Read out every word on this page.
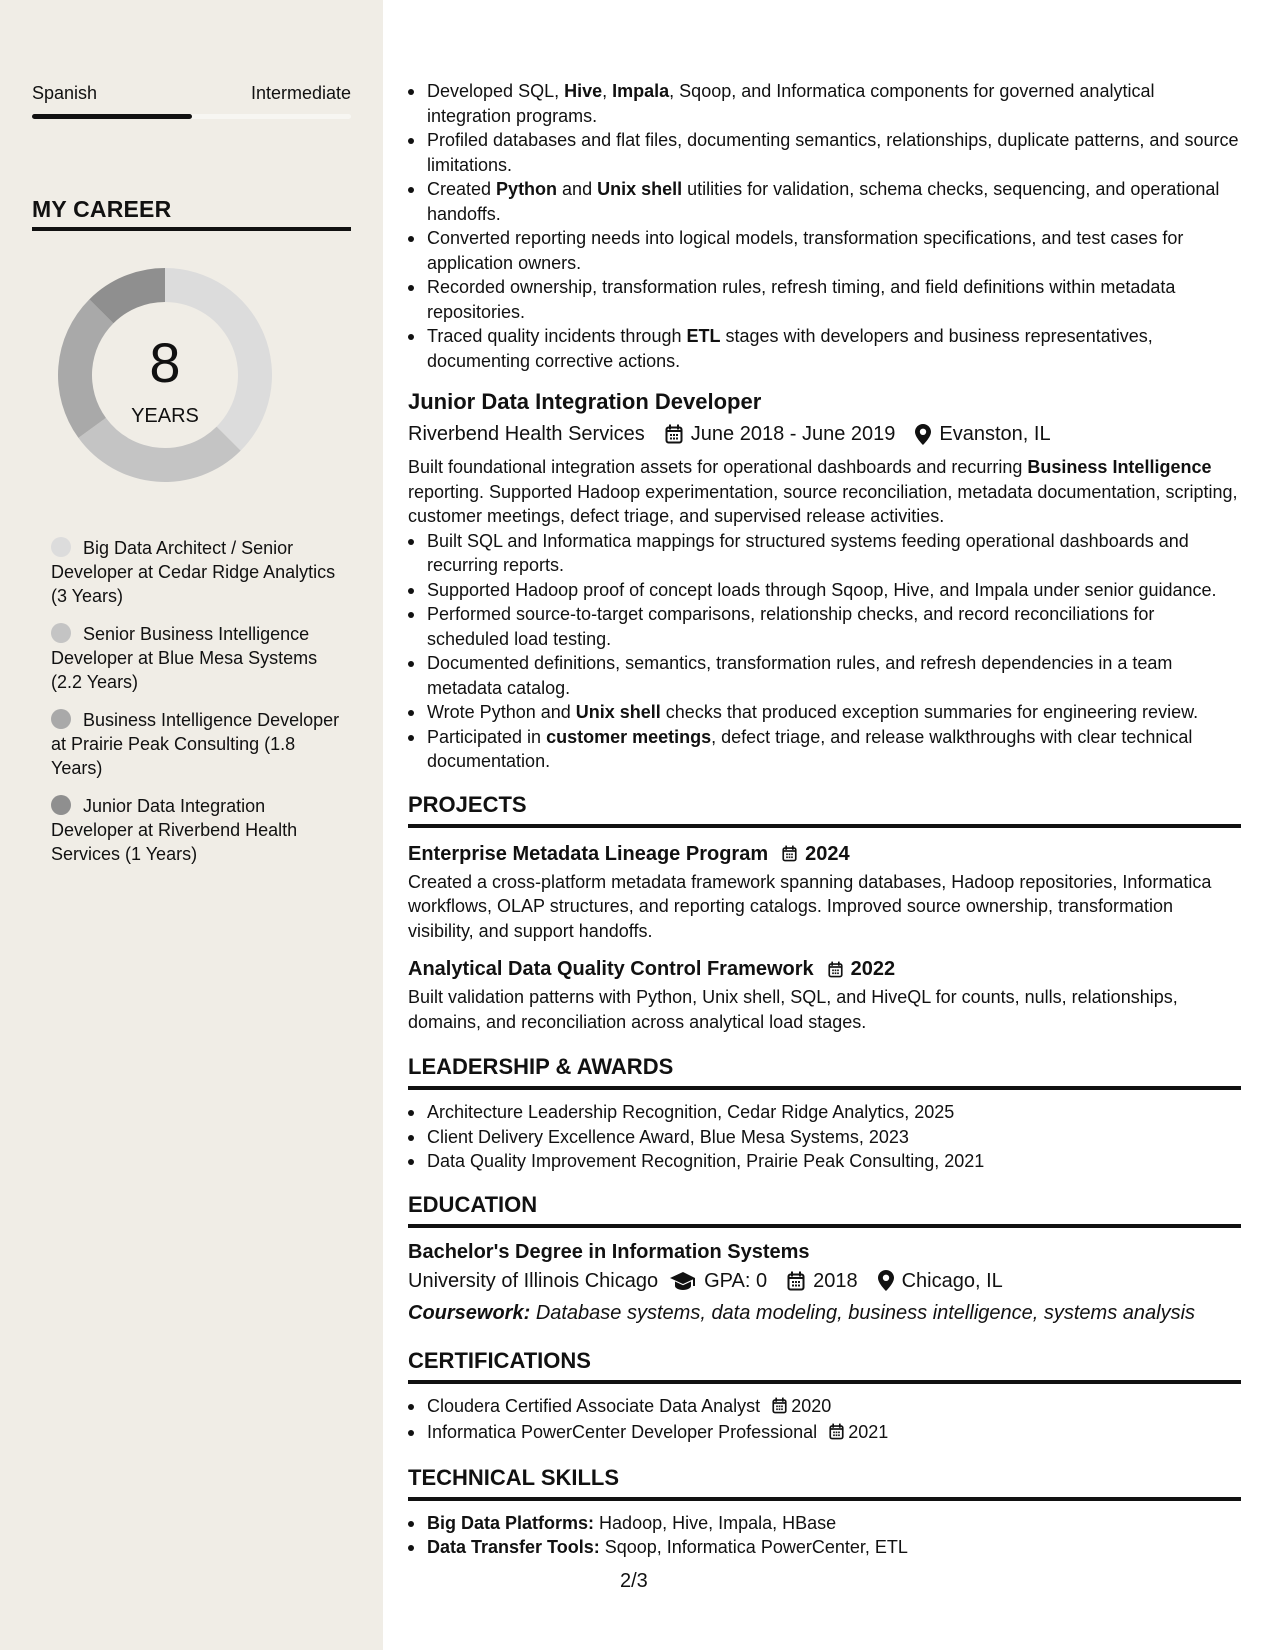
Spanish	Intermediate
MY CAREER
8
YEARS
Big Data Architect / Senior Developer at Cedar Ridge Analytics (3 Years)
Senior Business Intelligence Developer at Blue Mesa Systems (2.2 Years)
Business Intelligence Developer at Prairie Peak Consulting (1.8 Years)
Junior Data Integration Developer at Riverbend Health Services (1 Years)
Developed SQL, Hive, Impala, Sqoop, and Informatica components for governed analytical integration programs.
Profiled databases and flat files, documenting semantics, relationships, duplicate patterns, and source limitations.
Created Python and Unix shell utilities for validation, schema checks, sequencing, and operational handoffs.
Converted reporting needs into logical models, transformation specifications, and test cases for application owners.
Recorded ownership, transformation rules, refresh timing, and field definitions within metadata repositories.
Traced quality incidents through ETL stages with developers and business representatives, documenting corrective actions.
Junior Data Integration Developer
Riverbend Health Services June 2018 - June 2019 Evanston, IL
Built foundational integration assets for operational dashboards and recurring Business Intelligence reporting. Supported Hadoop experimentation, source reconciliation, metadata documentation, scripting, customer meetings, defect triage, and supervised release activities.
Built SQL and Informatica mappings for structured systems feeding operational dashboards and recurring reports.
Supported Hadoop proof of concept loads through Sqoop, Hive, and Impala under senior guidance.
Performed source-to-target comparisons, relationship checks, and record reconciliations for scheduled load testing.
Documented definitions, semantics, transformation rules, and refresh dependencies in a team metadata catalog.
Wrote Python and Unix shell checks that produced exception summaries for engineering review.
Participated in customer meetings, defect triage, and release walkthroughs with clear technical documentation.
PROJECTS
Enterprise Metadata Lineage Program 2024
Created a cross-platform metadata framework spanning databases, Hadoop repositories, Informatica workflows, OLAP structures, and reporting catalogs. Improved source ownership, transformation visibility, and support handoffs.
Analytical Data Quality Control Framework 2022
Built validation patterns with Python, Unix shell, SQL, and HiveQL for counts, nulls, relationships, domains, and reconciliation across analytical load stages.
LEADERSHIP & AWARDS
Architecture Leadership Recognition, Cedar Ridge Analytics, 2025
Client Delivery Excellence Award, Blue Mesa Systems, 2023
Data Quality Improvement Recognition, Prairie Peak Consulting, 2021
EDUCATION
Bachelor's Degree in Information Systems
University of Illinois Chicago GPA: 0 2018 Chicago, IL
Coursework: Database systems, data modeling, business intelligence, systems analysis
CERTIFICATIONS
Cloudera Certified Associate Data Analyst 2020
Informatica PowerCenter Developer Professional 2021
TECHNICAL SKILLS
Big Data Platforms: Hadoop, Hive, Impala, HBase
Data Transfer Tools: Sqoop, Informatica PowerCenter, ETL
2/3
